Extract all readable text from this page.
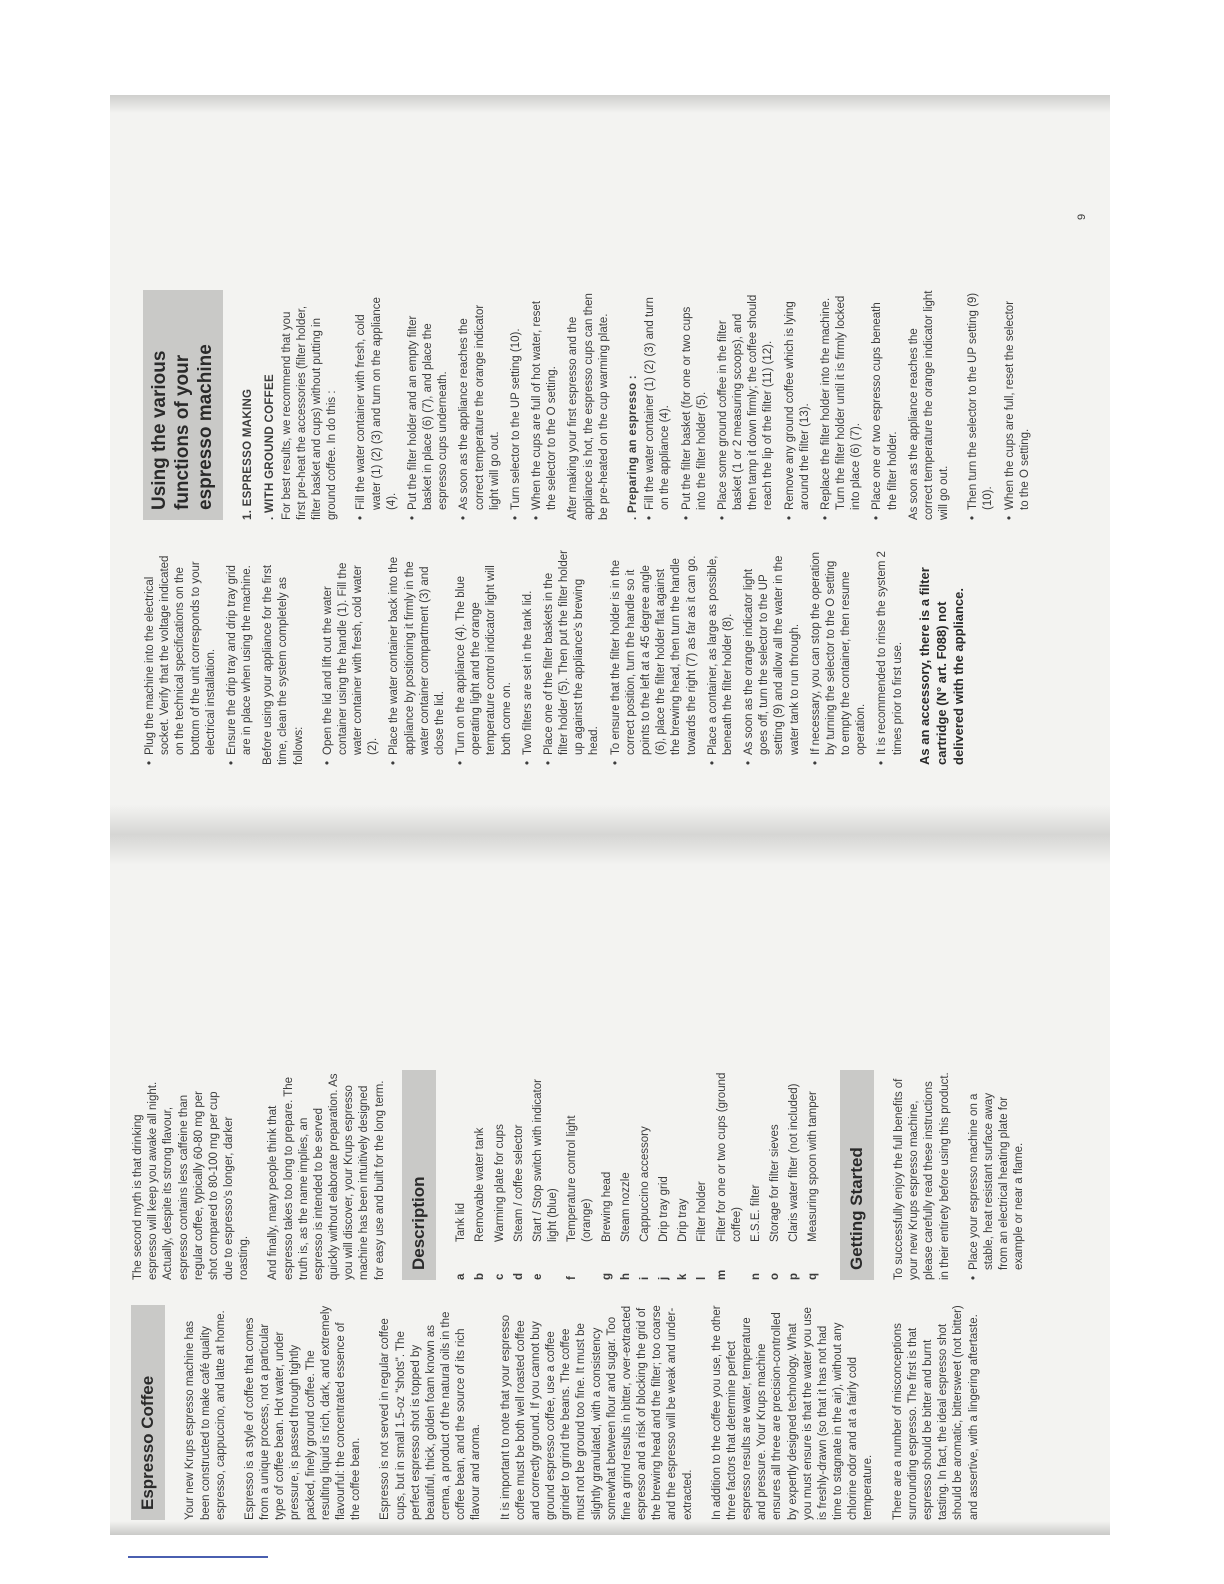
Espresso Coffee	Your new Krups espresso machine has been constructed to make café quality espresso, cappuccino, and latte at home. Espresso is a style of coffee that comes from a unique process, not a particular type of coffee bean. Hot water, under pressure, is passed through tightly packed, finely ground coffee. The resulting liquid is rich, dark, and extremely flavourful: the concentrated essence of the coffee bean. Espresso is not served in regular coffee cups, but in small 1.5-oz "shots". The perfect espresso shot is topped by beautiful, thick, golden foam known as crema, a product of the natural oils in the coffee bean, and the source of its rich flavour and aroma. It is important to note that your espresso coffee must be both well roasted coffee and correctly ground. If you cannot buy ground espresso coffee, use a coffee grinder to grind the beans. The coffee must not be ground too fine. It must be slightly granulated, with a consistency somewhat between flour and sugar. Too fine a grind results in bitter, over-extracted espresso and a risk of blocking the grid of the brewing head and the filter; too coarse and the espresso will be weak and under-extracted. In addition to the coffee you use, the other three factors that determine perfect espresso results are water, temperature and pressure. Your Krups machine ensures all three are precision-controlled by expertly designed technology. What you must ensure is that the water you use is freshly-drawn (so that it has not had time to stagnate in the air), without any chlorine odor and at a fairly cold temperature. There are a number of misconceptions surrounding espresso. The first is that espresso should be bitter and burnt tasting. In fact, the ideal espresso shot should be aromatic, bittersweet (not bitter) and assertive, with a lingering aftertaste.

The second myth is that drinking espresso will keep you awake all night. Actually, despite its strong flavour, espresso contains less caffeine than regular coffee, typically 60-80 mg per shot compared to 80-100 mg per cup due to espresso's longer, darker roasting. And finally, many people think that espresso takes too long to prepare. The truth is, as the name implies, an espresso is intended to be served quickly without elaborate preparation. As you will discover, your Krups espresso machine has been intuitively designed for easy use and built for the long term.	Description
a
Tank lid
b
Removable water tank
c
Warming plate for cups
d
Steam / coffee selector
e
Start / Stop switch with indicator light (blue)
f
Temperature control light (orange)
g
Brewing head
h
Steam nozzle
i
Cappuccino accessory
j
Drip tray grid
k
Drip tray
l
Filter holder
m
Filter for one or two cups (ground coffee)
n
E.S.E. filter
o
Storage for filter sieves
p
Claris water filter (not included)
q
Measuring spoon with tamper	Getting Started	To successfully enjoy the full benefits of your new Krups espresso machine, please carefully read these instructions in their entirety before using this product. • Place your espresso machine on a stable, heat resistant surface away from an electrical heating plate for example or near a flame.
• Plug the machine into the electrical socket. Verify that the voltage indicated on the technical specifications on the bottom of the unit corresponds to your electrical installation. • Ensure the drip tray and drip tray grid are in place when using the machine. Before using your appliance for the first time, clean the system completely as follows: • Open the lid and lift out the water container using the handle (1). Fill the water container with fresh, cold water (2). • Place the water container back into the appliance by positioning it firmly in the water container compartment (3) and close the lid. • Turn on the appliance (4). The blue operating light and the orange temperature control indicator light will both come on. • Two filters are set in the tank lid. • Place one of the filter baskets in the filter holder (5). Then put the filter holder up against the appliance's brewing head. • To ensure that the filter holder is in the correct position, turn the handle so it points to the left at a 45 degree angle (6), place the filter holder flat against the brewing head, then turn the handle towards the right (7) as far as it can go. • Place a container, as large as possible, beneath the filter holder (8). • As soon as the orange indicator light goes off, turn the selector to the UP setting (9) and allow all the water in the water tank to run through. • If necessary, you can stop the operation by turning the selector to the O setting to empty the container, then resume operation. • It is recommended to rinse the system 2 times prior to first use. As an accessory, there is a filter cartridge (N° art. F088) not delivered with the appliance.

Using the various functions of your espresso machine	1. ESPRESSO MAKING . WITH GROUND COFFEE For best results, we recommend that you first pre-heat the accessories (filter holder, filter basket and cups) without putting in ground coffee. In do this : • Fill the water container with fresh, cold water (1) (2) (3) and turn on the appliance (4). • Put the filter holder and an empty filter basket in place (6) (7), and place the espresso cups underneath. • As soon as the appliance reaches the correct temperature the orange indicator light will go out. • Turn selector to the UP setting (10). • When the cups are full of hot water, reset the selector to the O setting. After making your first espresso and the appliance is hot, the espresso cups can then be pre-heated on the cup warming plate. . Preparing an espresso : • Fill the water container (1) (2) (3) and turn on the appliance (4). • Put the filter basket (for one or two cups into the filter holder (5). • Place some ground coffee in the filter basket (1 or 2 measuring scoops), and then tamp it down firmly; the coffee should reach the lip of the filter (11) (12). • Remove any ground coffee which is lying around the filter (13). • Replace the filter holder into the machine. Turn the filter holder until it is firmly locked into place (6) (7). • Place one or two espresso cups beneath the filter holder. As soon as the appliance reaches the correct temperature the orange indicator light will go out. • Then turn the selector to the UP setting (9) (10). • When the cups are full, reset the selector to the O setting.
9
